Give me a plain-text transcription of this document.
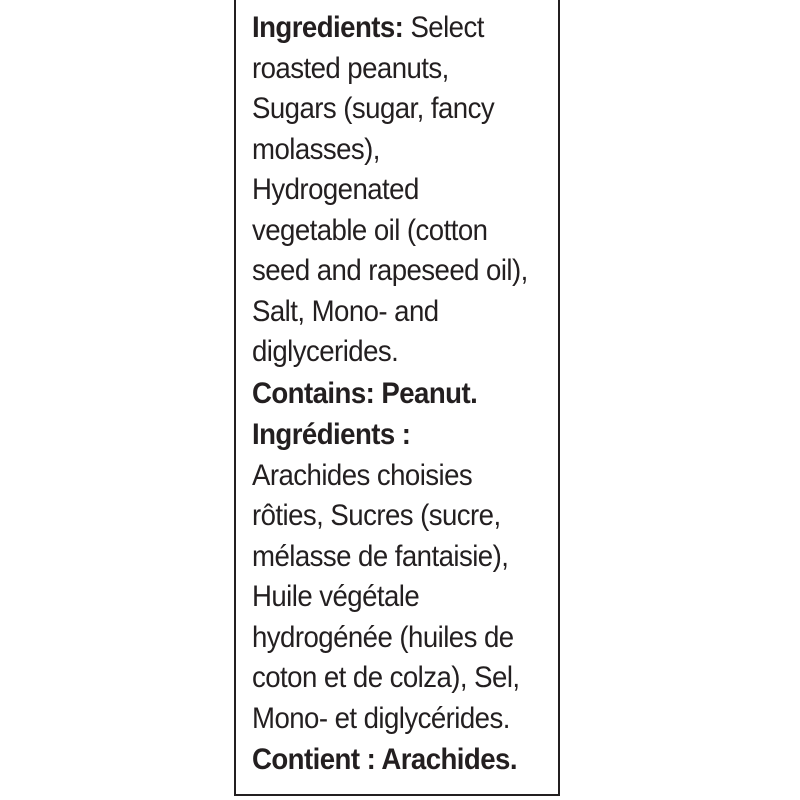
Ingredients: Select
roasted peanuts,
Sugars (sugar, fancy
molasses),
Hydrogenated
vegetable oil (cotton
seed and rapeseed oil),
Salt, Mono- and
diglycerides.
Contains: Peanut.
Ingrédients :
Arachides choisies
rôties, Sucres (sucre,
mélasse de fantaisie),
Huile végétale
hydrogénée (huiles de
coton et de colza), Sel,
Mono- et diglycérides.
Contient : Arachides.
